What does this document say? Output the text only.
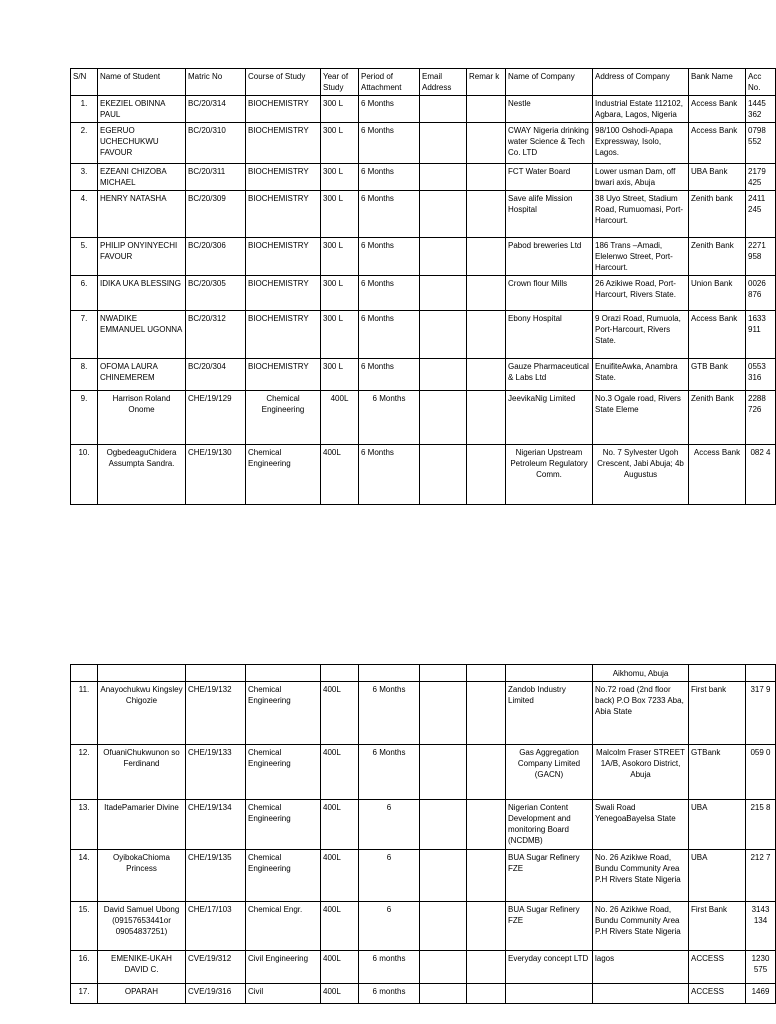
S/N	Name of Student	Matric No	Course of Study	Year of Study	Period of Attachment	Email Address	Remar k	Name of Company	Address of Company	Bank Name	Acc No.
1.	EKEZIEL OBINNA PAUL	BC/20/314	BIOCHEMISTRY	300 L	6 Months			Nestle	Industrial Estate 112102, Agbara, Lagos, Nigeria	Access Bank	1445 362
2.	EGERUO UCHECHUKWU FAVOUR	BC/20/310	BIOCHEMISTRY	300 L	6 Months			CWAY Nigeria drinking water Science & Tech Co. LTD	98/100 Oshodi-Apapa Expressway, Isolo, Lagos.	Access Bank	0798 552
3.	EZEANI CHIZOBA MICHAEL	BC/20/311	BIOCHEMISTRY	300 L	6 Months			FCT Water Board	Lower usman Dam, off bwari axis, Abuja	UBA Bank	2179 425
4.	HENRY NATASHA	BC/20/309	BIOCHEMISTRY	300 L	6 Months			Save alife Mission Hospital	38 Uyo Street, Stadium Road, Rumuomasi, Port-Harcourt.	Zenith bank	2411 245
5.	PHILIP ONYINYECHI FAVOUR	BC/20/306	BIOCHEMISTRY	300 L	6 Months			Pabod breweries Ltd	186 Trans –Amadi, Elelenwo Street, Port-Harcourt.	Zenith Bank	2271 958
6.	IDIKA UKA BLESSING	BC/20/305	BIOCHEMISTRY	300 L	6 Months			Crown flour Mills	26 Azikiwe Road, Port-Harcourt, Rivers State.	Union Bank	0026 876
7.	NWADIKE EMMANUEL UGONNA	BC/20/312	BIOCHEMISTRY	300 L	6 Months			Ebony Hospital	9 Orazi Road, Rumuola, Port-Harcourt, Rivers State.	Access Bank	1633 911
8.	OFOMA LAURA CHINEMEREM	BC/20/304	BIOCHEMISTRY	300 L	6 Months			Gauze Pharmaceutical & Labs Ltd	EnuifiteAwka, Anambra State.	GTB Bank	0553 316
9.	Harrison Roland Onome	CHE/19/129	Chemical Engineering	400L	6 Months			JeevikaNig Limited	No.3 Ogale road, Rivers State Eleme	Zenith Bank	2288 726
10.	OgbedeaguChidera Assumpta Sandra.	CHE/19/130	Chemical Engineering	400L	6 Months			Nigerian Upstream Petroleum Regulatory Comm.	No. 7 Sylvester Ugoh Crescent, Jabi Abuja; 4b Augustus	Access Bank	082 4
									Aikhomu, Abuja		
11.	Anayochukwu Kingsley Chigozie	CHE/19/132	Chemical Engineering	400L	6 Months			Zandob Industry Limited	No.72 road (2nd floor back) P.O Box 7233 Aba, Abia State	First bank	317 9
12.	OfuaniChukwunon so Ferdinand	CHE/19/133	Chemical Engineering	400L	6 Months			Gas Aggregation Company Limited (GACN)	Malcolm Fraser STREET 1A/B, Asokoro District, Abuja	GTBank	059 0
13.	ItadePamarier Divine	CHE/19/134	Chemical Engineering	400L	6			Nigerian Content Development and monitoring Board (NCDMB)	Swali Road YenegoaBayelsa State	UBA	215 8
14.	OyibokaChioma Princess	CHE/19/135	Chemical Engineering	400L	6			BUA Sugar Refinery FZE	No. 26 Azikiwe Road, Bundu Community Area P.H Rivers State Nigeria	UBA	212 7
15.	David Samuel Ubong (09157653441or 09054837251)	CHE/17/103	Chemical Engr.	400L	6			BUA Sugar Refinery FZE	No. 26 Azikiwe Road, Bundu Community Area P.H Rivers State Nigeria	First Bank	3143 134
16.	EMENIKE-UKAH DAVID C.	CVE/19/312	Civil Engineering	400L	6 months			Everyday concept LTD	lagos	ACCESS	1230 575
17.	OPARAH	CVE/19/316	Civil	400L	6 months					ACCESS	1469
